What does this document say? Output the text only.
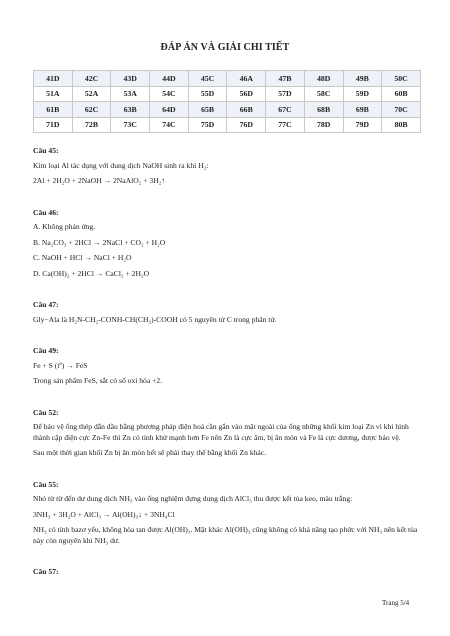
ĐÁP ÁN VÀ GIẢI CHI TIẾT
41D	42C	43D	44D	45C	46A	47B	48D	49B	50C
51A	52A	53A	54C	55D	56D	57D	58C	59D	60B
61B	62C	63B	64D	65B	66B	67C	68B	69B	70C
71D	72B	73C	74C	75D	76D	77C	78D	79D	80B

Câu 45:

Kim loại Al tác dụng với dung dịch NaOH sinh ra khí H₂:

2Al + 2H₂O + 2NaOH → 2NaAlO₂ + 3H₂↑

Câu 46:

A. Không phản ứng.

B. Na₂CO₃ + 2HCl → 2NaCl + CO₂ + H₂O

C. NaOH + HCl → NaCl + H₂O

D. Ca(OH)₂ + 2HCl → CaCl₂ + 2H₂O

Câu 47:

Gly−Ala là H₂N-CH₂-CONH-CH(CH₃)-COOH có 5 nguyên tử C trong phân tử.

Câu 49:

Fe + S (tº) → FeS

Trong sản phẩm FeS, sắt có số oxi hóa +2.

Câu 52:

Để bảo vệ ống thép dẫn dầu bằng phương pháp điện hoá cần gắn vào mặt ngoài của ống những khối kim loại Zn vì khi hình thành cặp điện cực Zn-Fe thì Zn có tính khử mạnh hơn Fe nên Zn là cực âm, bị ăn mòn và Fe là cực dương, được bảo vệ.

Sau một thời gian khối Zn bị ăn mòn hết sẽ phải thay thế bằng khối Zn khác.

Câu 55:

Nhỏ từ từ đến dư dung dịch NH₃ vào ống nghiệm đựng dung dịch AlCl₃ thu được kết tủa keo, màu trắng:

3NH₃ + 3H₂O + AlCl₃ → Al(OH)₃↓ + 3NH₄Cl

NH₃ có tính bazơ yếu, không hòa tan được Al(OH)₃. Mặt khác Al(OH)₃ cũng không có khả năng tạo phức với NH₃ nên kết tủa này còn nguyên khi NH₃ dư.

Câu 57:

Trang 5/4
